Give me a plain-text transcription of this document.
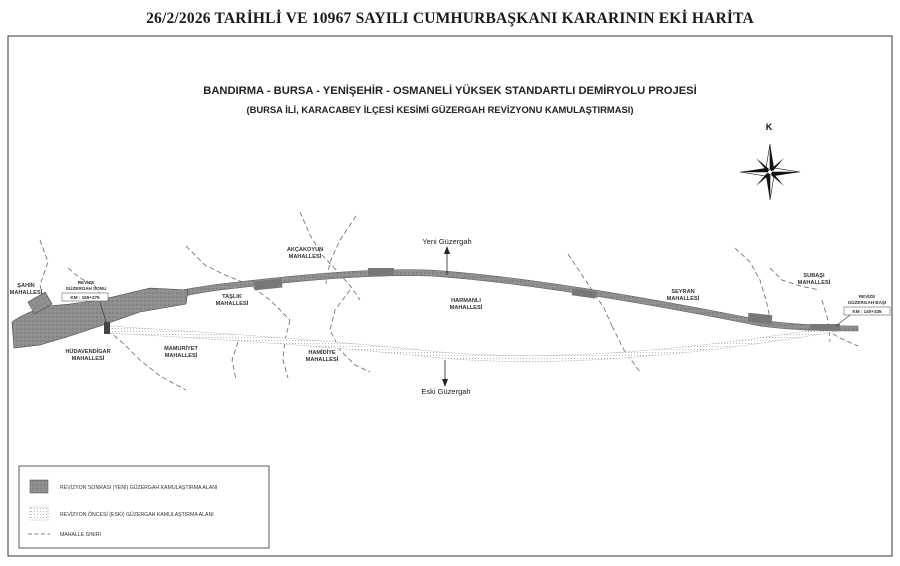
26/2/2026 TARİHLİ VE 10967 SAYILI CUMHURBAŞKANI KARARININ EKİ HARİTA
BANDIRMA - BURSA - YENİŞEHİR - OSMANELİ YÜKSEK STANDARTLI DEMİRYOLU PROJESİ
(BURSA İLİ, KARACABEY İLÇESİ KESİMİ GÜZERGAH REVİZYONU KAMULAŞTIRMASI)
K
Yeni Güzergah
Eski Güzergah
REVİZE
GÜZERGAH SONU
KM : 155+279	REVİZE
GÜZERGAH BAŞI
KM : 140+335
ŞAHİN
MAHALLESİ
HÜDAVENDİGAR
MAHALLESİ
TAŞLIK
MAHALLESİ
MAMURİYET
MAHALLESİ
AKÇAKOYUN
MAHALLESİ
HAMİDİYE
MAHALLESİ
HARMANLI
MAHALLESİ
SEYRAN
MAHALLESİ
SUBAŞI
MAHALLESİ
REVİZYON SONRASI (YENİ) GÜZERGAH KAMULAŞTIRMA ALANI
REVİZYON ÖNCESİ (ESKİ) GÜZERGAH KAMULAŞTIRMA ALANI
MAHALLE SINIRI
